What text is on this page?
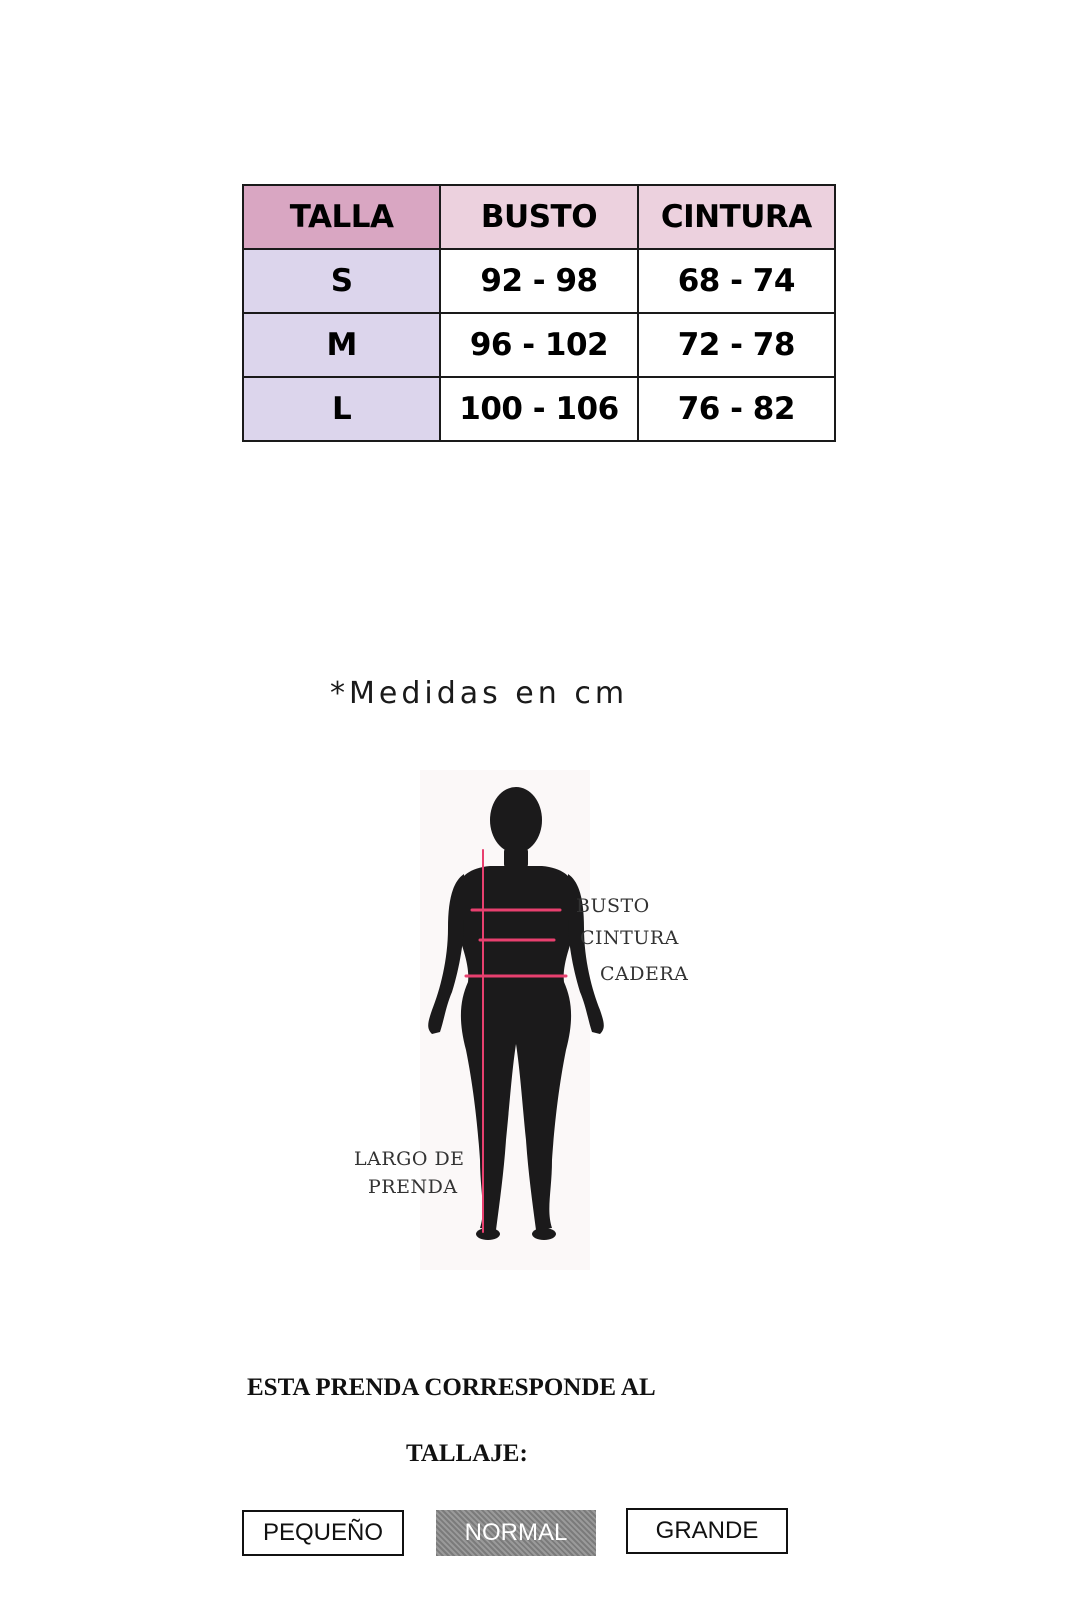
TALLA	BUSTO	CINTURA
S	92 - 98	68 - 74
M	96 - 102	72 - 78
L	100 - 106	76 - 82
*Medidas en cm
BUSTO
CINTURA
CADERA
LARGO DE
PRENDA
ESTA PRENDA CORRESPONDE AL
TALLAJE:
PEQUEÑO	NORMAL	GRANDE
